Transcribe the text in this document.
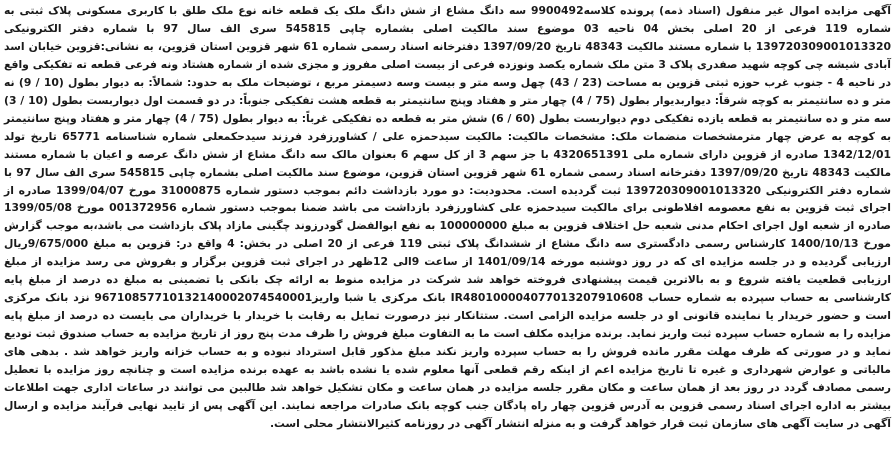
آگهی مزایده اموال غیر منقول (اسناد ذمه) پرونده کلاسه9900492 سه دانگ مشاع از شش دانگ ملک یک قطعه خانه نوع ملک طلق با کاربری مسکونی پلاک ثبتی به شماره 119 فرعی از 20 اصلی بخش 04 ناحیه 03 موضوع سند مالکیت اصلی بشماره چاپی 545815 سری الف سال 97 با شماره دفتر الکترونیکی 139720309001013320 با شماره مستند مالکیت 48343 تاریخ 1397/09/20 دفترخانه اسناد رسمی شماره 61 شهر قزوین استان قزوین، به نشانی:قزوین خیابان اسد آبادی شیشه چی کوچه شهید صفدری پلاک 3 متن ملک شماره یکصد ونوزده فرعی از بیست اصلی مفروز و مجزی شده از شماره هشتاد ونه فرعی قطعه ته تفکیکی واقع در ناحیه 4 - جنوب غرب حوزه ثبتی قزوین به مساحت (23 / 43) چهل وسه متر و بیست وسه دسیمتر مربع ، توضیحات ملک به حدود: شمالاً: به دیوار بطول (10 / 9) نه متر و ده سانتیمتر به کوچه شرقاً: دیواربدیوار بطول (75 / 4) چهار متر و هفتاد وپنج سانتیمتر به قطعه هشت تفکیکی جنوباً: در دو قسمت اول دیواربست بطول (10 / 3) سه متر و ده سانتیمتر به قطعه یازده تفکیکی دوم دیواربست بطول (60 / 6) شش متر به قطعه ده تفکیکی غرباً: به دیوار بطول (75 / 4) چهار متر و هفتاد وپنج سانتیمتر به کوچه به عرض چهار مترمشخصات منضمات ملک: مشخصات مالکیت: مالکیت سیدحمزه علی / کشاورزفرد فرزند سیدحکمعلی شماره شناسنامه 65771 تاریخ تولد 1342/12/01 صادره از قزوین دارای شماره ملی 4320651391 با جز سهم 3 از کل سهم 6 بعنوان مالک سه دانگ مشاع از شش دانگ عرصه و اعیان با شماره مستند مالکیت 48343 تاریخ 1397/09/20 دفترخانه اسناد رسمی شماره 61 شهر قزوین استان قزوین، موضوع سند مالکیت اصلی بشماره چاپی 545815 سری الف سال 97 با شماره دفتر الکترونیکی 139720309001013320 ثبت گردیده است. محدودیت: دو مورد بازداشت دائم بموجب دستور شماره 31000875 مورخ 1399/04/07 صادره از اجرای ثبت قزوین به نفع معصومه افلاطونی برای مالکیت سیدحمزه علی کشاورزفرد بازداشت می باشد ضمنا بموجب دستور شماره 001372956 مورخ 1399/05/08 صادره از شعبه اول اجرای احکام مدنی شعبه حل اختلاف قزوین به مبلغ 100000000 به نفع ابوالفضل گودرزوند چگینی مازاد پلاک بازداشت می باشد،به موجب گزارش مورخ 1400/10/13 کارشناس رسمی دادگستری سه دانگ مشاع از ششدانگ پلاک ثبتی 119 فرعی از 20 اصلی در بخش: 4 واقع در: قزوین به مبلغ 9/675/000ریال ارزیابی گردیده و در جلسه مزایده ای که در روز دوشنبه مورخه 1401/09/14 از ساعت 9الی 12ظهر در اجرای ثبت قزوین برگزار و بفروش می رسد مزایده از مبلغ ارزیابی قطعیت یافته شروع و به بالاترین قیمت پیشنهادی فروخته خواهد شد شرکت در مزایده منوط به ارائه چک بانکی یا تضمینی به مبلغ ده درصد از مبلغ پایه کارشناسی به حساب سپرده به شماره حساب IR480100004077013207910608 بانک مرکزی یا شبا واریز96710857710132140002074540001 نزد بانک مرکزی است و حضور خریدار یا نماینده قانونی او در جلسه مزایده الزامی است. ستتانکار نیز درصورت تمایل به رقابت با خریدار با خریداران می بایست ده درصد از مبلغ پایه مزایده را به شماره حساب سپرده ثبت واریز نماید. برنده مزایده مکلف است ما به التفاوت مبلغ فروش را ظرف مدت پنج روز از تاریخ مزایده به حساب صندوق ثبت تودیع نماید و در صورتی که ظرف مهلت مقرر مانده فروش را به حساب سپرده واریز نکند مبلغ مذکور قابل استرداد نبوده و به حساب خزانه واریز خواهد شد . بدهی های مالیاتی و عوارض شهرداری و غیره تا تاریخ مزایده اعم از اینکه رقم قطعی آنها معلوم شده یا نشده باشد به عهده برنده مزایده است و چنانچه روز مزایده با تعطیل رسمی مصادف گردد در روز بعد از همان ساعت و مکان مقرر جلسه مزایده در همان ساعت و مکان تشکیل خواهد شد طالبین می توانند در ساعات اداری جهت اطلاعات بیشتر به اداره اجرای اسناد رسمی قزوین به آدرس قزوین چهار راه پادگان جنب کوچه بانک صادرات مراجعه نمایند. این آگهی پس از تایید نهایی فرآیند مزایده و ارسال آگهی در سایت آگهی های سازمان ثبت قرار خواهد گرفت و به منزله انتشار آگهی در روزنامه کثیرالانتشار محلی است.
